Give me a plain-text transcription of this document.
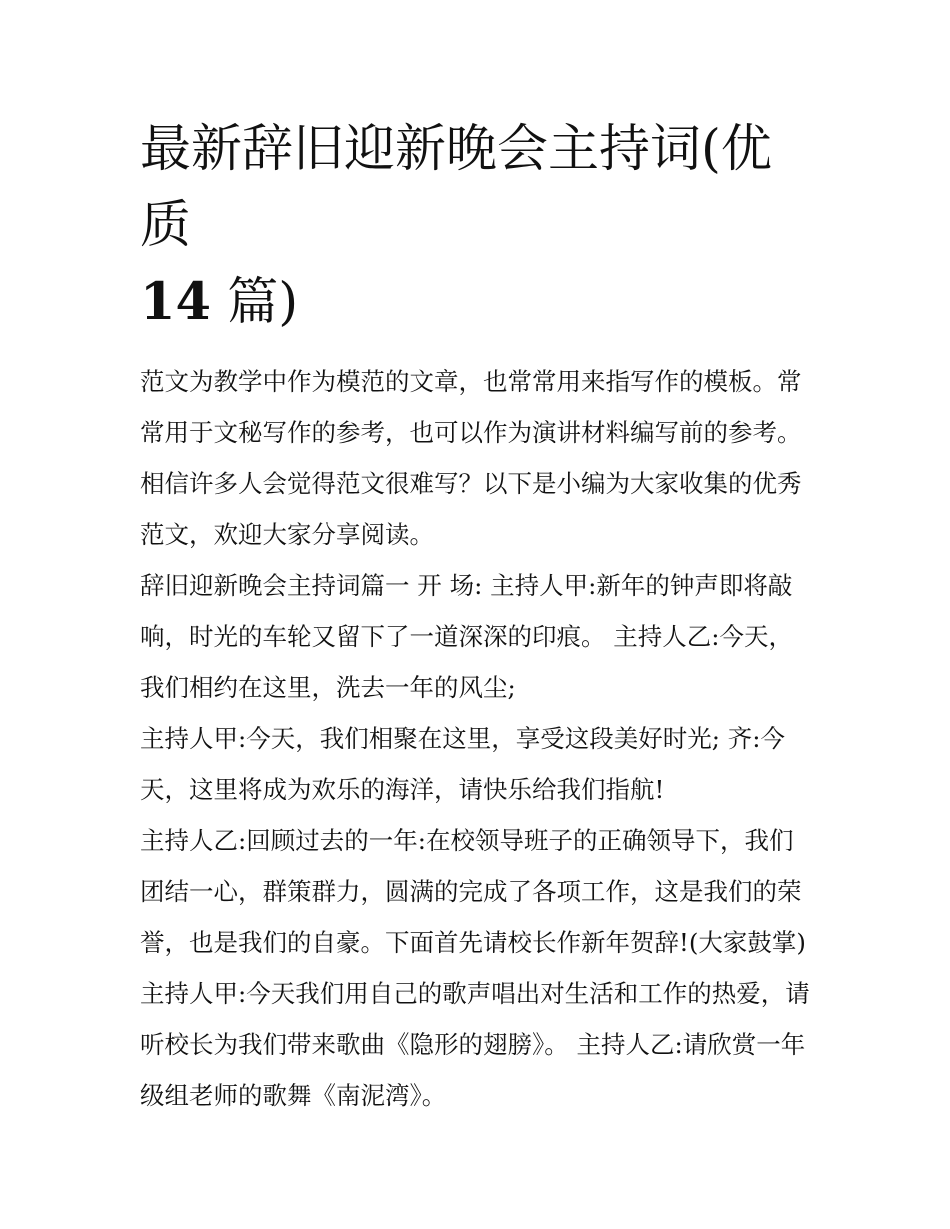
最新辞旧迎新晚会主持词(优质
14 篇)

范文为教学中作为模范的文章，也常常用来指写作的模板。常常用于文秘写作的参考，也可以作为演讲材料编写前的参考。相信许多人会觉得范文很难写？以下是小编为大家收集的优秀范文，欢迎大家分享阅读。

辞旧迎新晚会主持词篇一 开 场: 主持人甲:新年的钟声即将敲响，时光的车轮又留下了一道深深的印痕。 主持人乙:今天，我们相约在这里，洗去一年的风尘;

主持人甲:今天，我们相聚在这里，享受这段美好时光; 齐:今天，这里将成为欢乐的海洋，请快乐给我们指航!

主持人乙:回顾过去的一年:在校领导班子的正确领导下，我们团结一心，群策群力，圆满的完成了各项工作，这是我们的荣誉，也是我们的自豪。下面首先请校长作新年贺辞!(大家鼓掌)

主持人甲:今天我们用自己的歌声唱出对生活和工作的热爱，请听校长为我们带来歌曲《隐形的翅膀》。 主持人乙:请欣赏一年级组老师的歌舞《南泥湾》。
